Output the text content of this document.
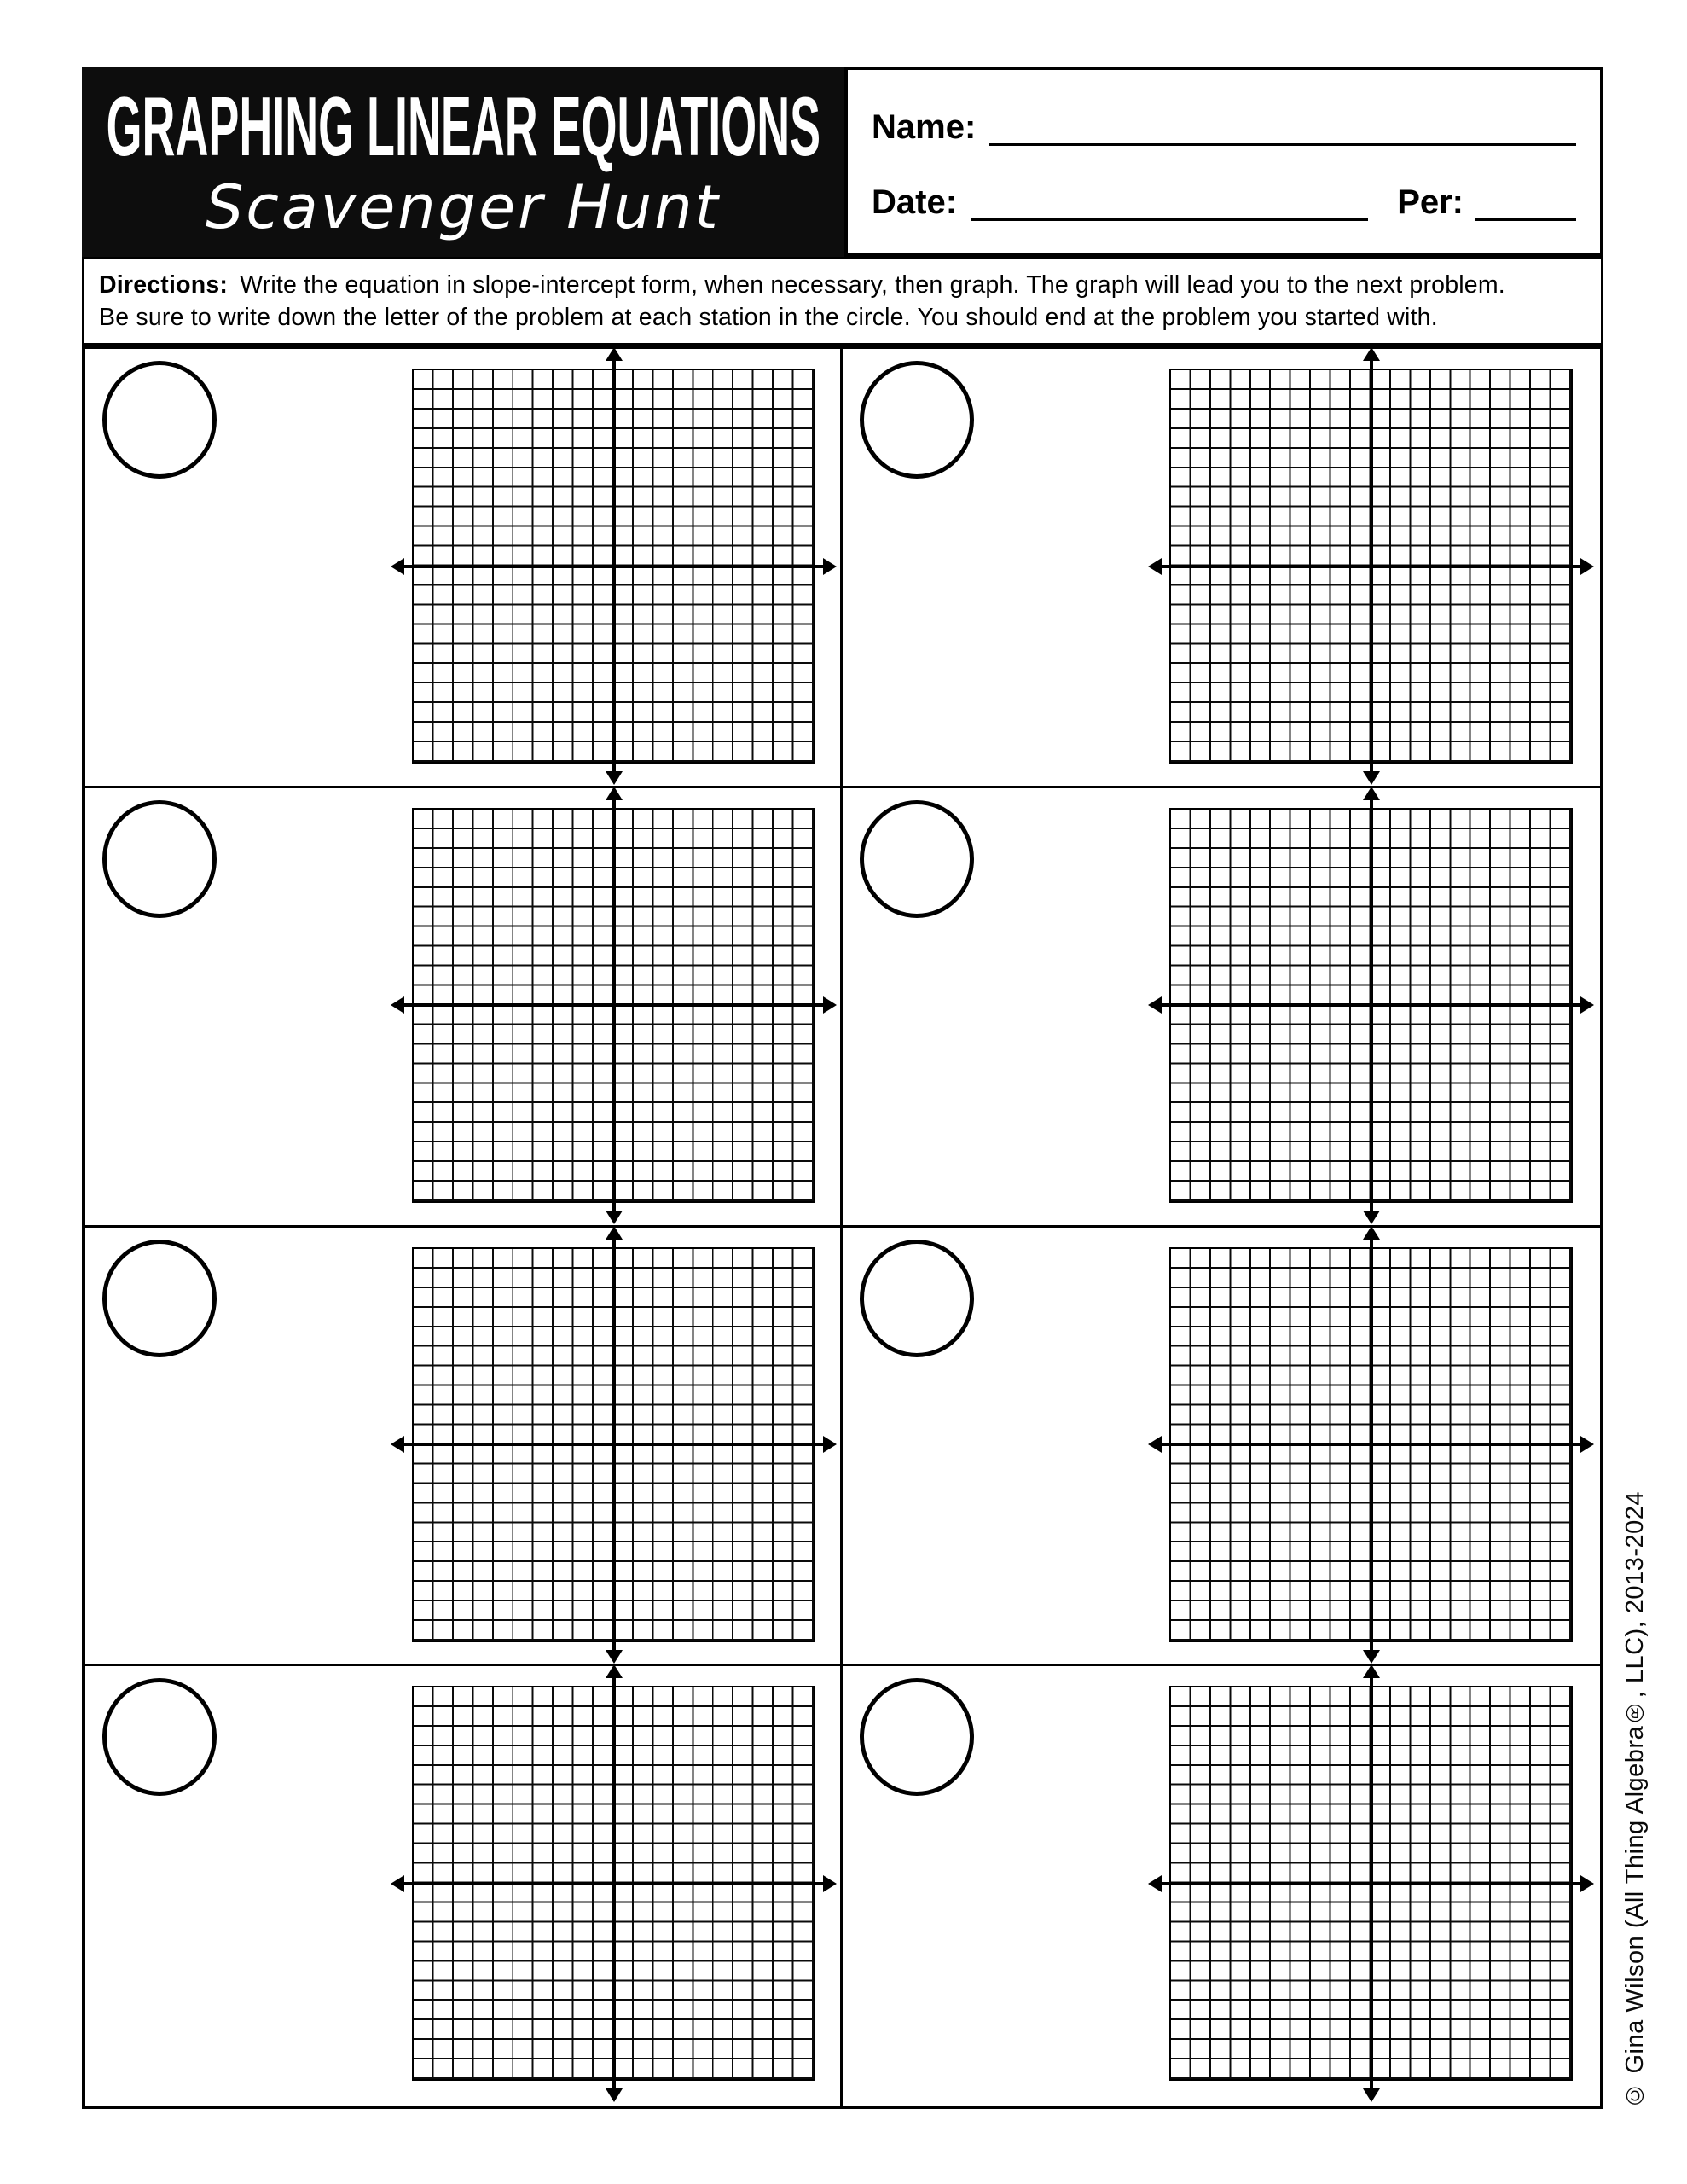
GRAPHING LINEAR EQUATIONS
Scavenger Hunt
Name:
Date:	Per:
Directions: Write the equation in slope-intercept form, when necessary, then graph. The graph will lead you to the next problem.
Be sure to write down the letter of the problem at each station in the circle. You should end at the problem you started with.
© Gina Wilson (All Thing Algebra®, LLC), 2013-2024
